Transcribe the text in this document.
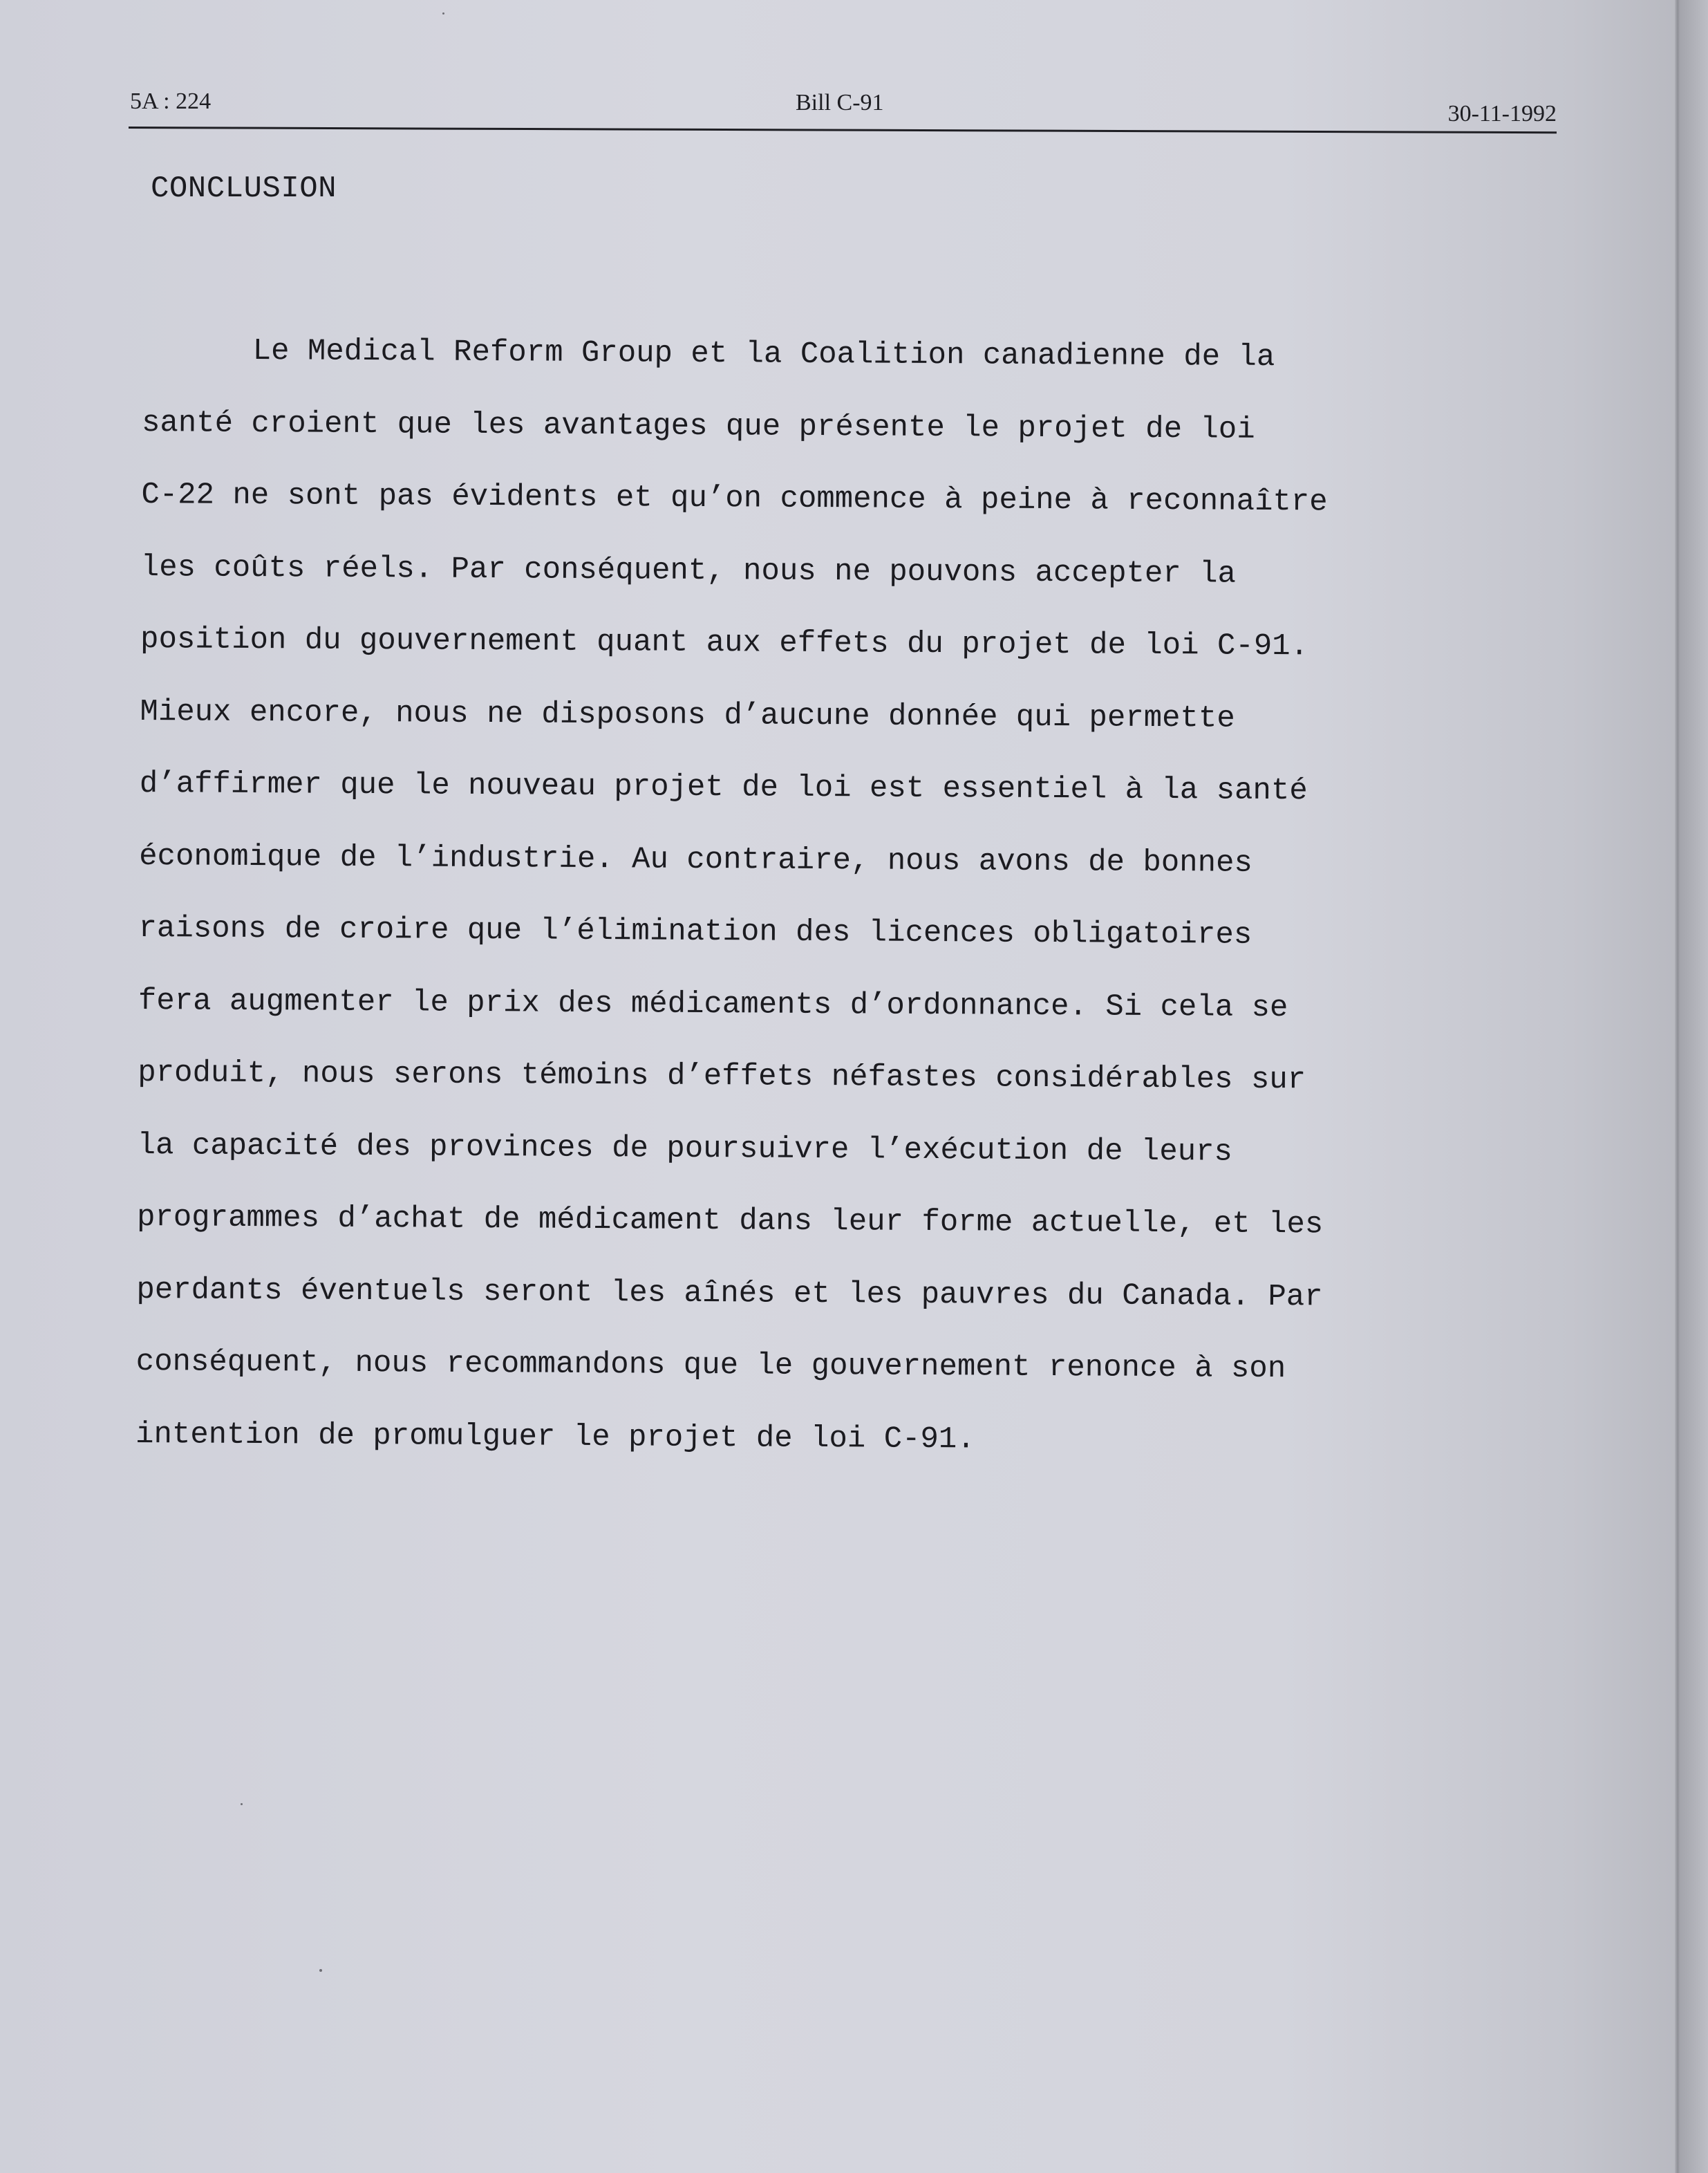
5A : 224	Bill C-91	30-11-1992
CONCLUSION
Le Medical Reform Group et la Coalition canadienne de la
santé croient que les avantages que présente le projet de loi
C-22 ne sont pas évidents et qu’on commence à peine à reconnaître
les coûts réels. Par conséquent, nous ne pouvons accepter la
position du gouvernement quant aux effets du projet de loi C-91.
Mieux encore, nous ne disposons d’aucune donnée qui permette
d’affirmer que le nouveau projet de loi est essentiel à la santé
économique de l’industrie. Au contraire, nous avons de bonnes
raisons de croire que l’élimination des licences obligatoires
fera augmenter le prix des médicaments d’ordonnance. Si cela se
produit, nous serons témoins d’effets néfastes considérables sur
la capacité des provinces de poursuivre l’exécution de leurs
programmes d’achat de médicament dans leur forme actuelle, et les
perdants éventuels seront les aînés et les pauvres du Canada. Par
conséquent, nous recommandons que le gouvernement renonce à son
intention de promulguer le projet de loi C-91.
